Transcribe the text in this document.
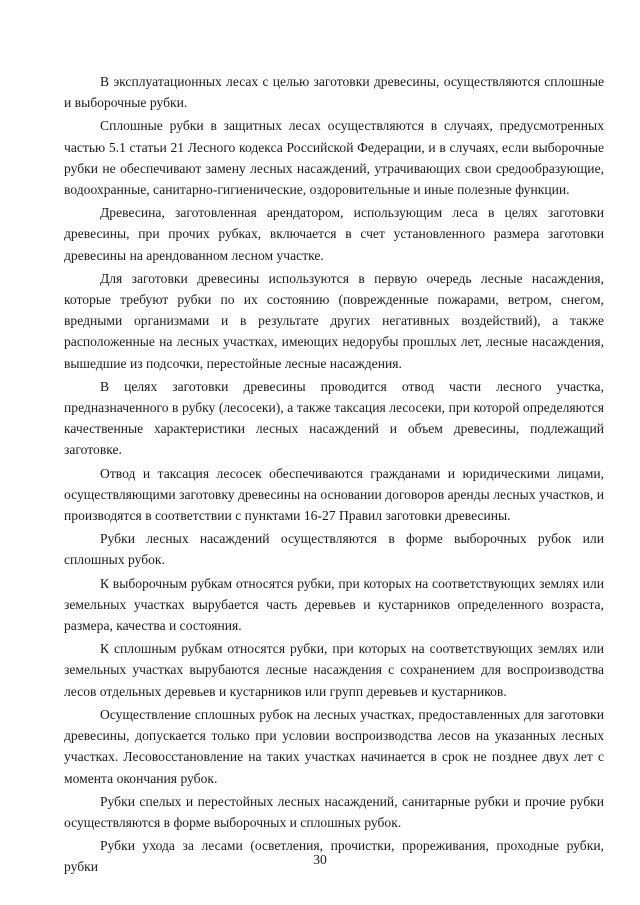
В эксплуатационных лесах с целью заготовки древесины, осуществляются сплошные и выборочные рубки.

Сплошные рубки в защитных лесах осуществляются в случаях, предусмотренных частью 5.1 статьи 21 Лесного кодекса Российской Федерации, и в случаях, если выборочные рубки не обеспечивают замену лесных насаждений, утрачивающих свои средообразующие, водоохранные, санитарно-гигиенические, оздоровительные и иные полезные функции.

Древесина, заготовленная арендатором, использующим леса в целях заготовки древесины, при прочих рубках, включается в счет установленного размера заготовки древесины на арендованном лесном участке.

Для заготовки древесины используются в первую очередь лесные насаждения, которые требуют рубки по их состоянию (поврежденные пожарами, ветром, снегом, вредными организмами и в результате других негативных воздействий), а также расположенные на лесных участках, имеющих недорубы прошлых лет, лесные насаждения, вышедшие из подсочки, перестойные лесные насаждения.

В целях заготовки древесины проводится отвод части лесного участка, предназначенного в рубку (лесосеки), а также таксация лесосеки, при которой определяются качественные характеристики лесных насаждений и объем древесины, подлежащий заготовке.

Отвод и таксация лесосек обеспечиваются гражданами и юридическими лицами, осуществляющими заготовку древесины на основании договоров аренды лесных участков, и производятся в соответствии с пунктами 16-27 Правил заготовки древесины.

Рубки лесных насаждений осуществляются в форме выборочных рубок или сплошных рубок.

К выборочным рубкам относятся рубки, при которых на соответствующих землях или земельных участках вырубается часть деревьев и кустарников определенного возраста, размера, качества и состояния.

К сплошным рубкам относятся рубки, при которых на соответствующих землях или земельных участках вырубаются лесные насаждения с сохранением для воспроизводства лесов отдельных деревьев и кустарников или групп деревьев и кустарников.

Осуществление сплошных рубок на лесных участках, предоставленных для заготовки древесины, допускается только при условии воспроизводства лесов на указанных лесных участках. Лесовосстановление на таких участках начинается в срок не позднее двух лет с момента окончания рубок.

Рубки спелых и перестойных лесных насаждений, санитарные рубки и прочие рубки осуществляются в форме выборочных и сплошных рубок.

Рубки ухода за лесами (осветления, прочистки, прореживания, проходные рубки, рубки	30
